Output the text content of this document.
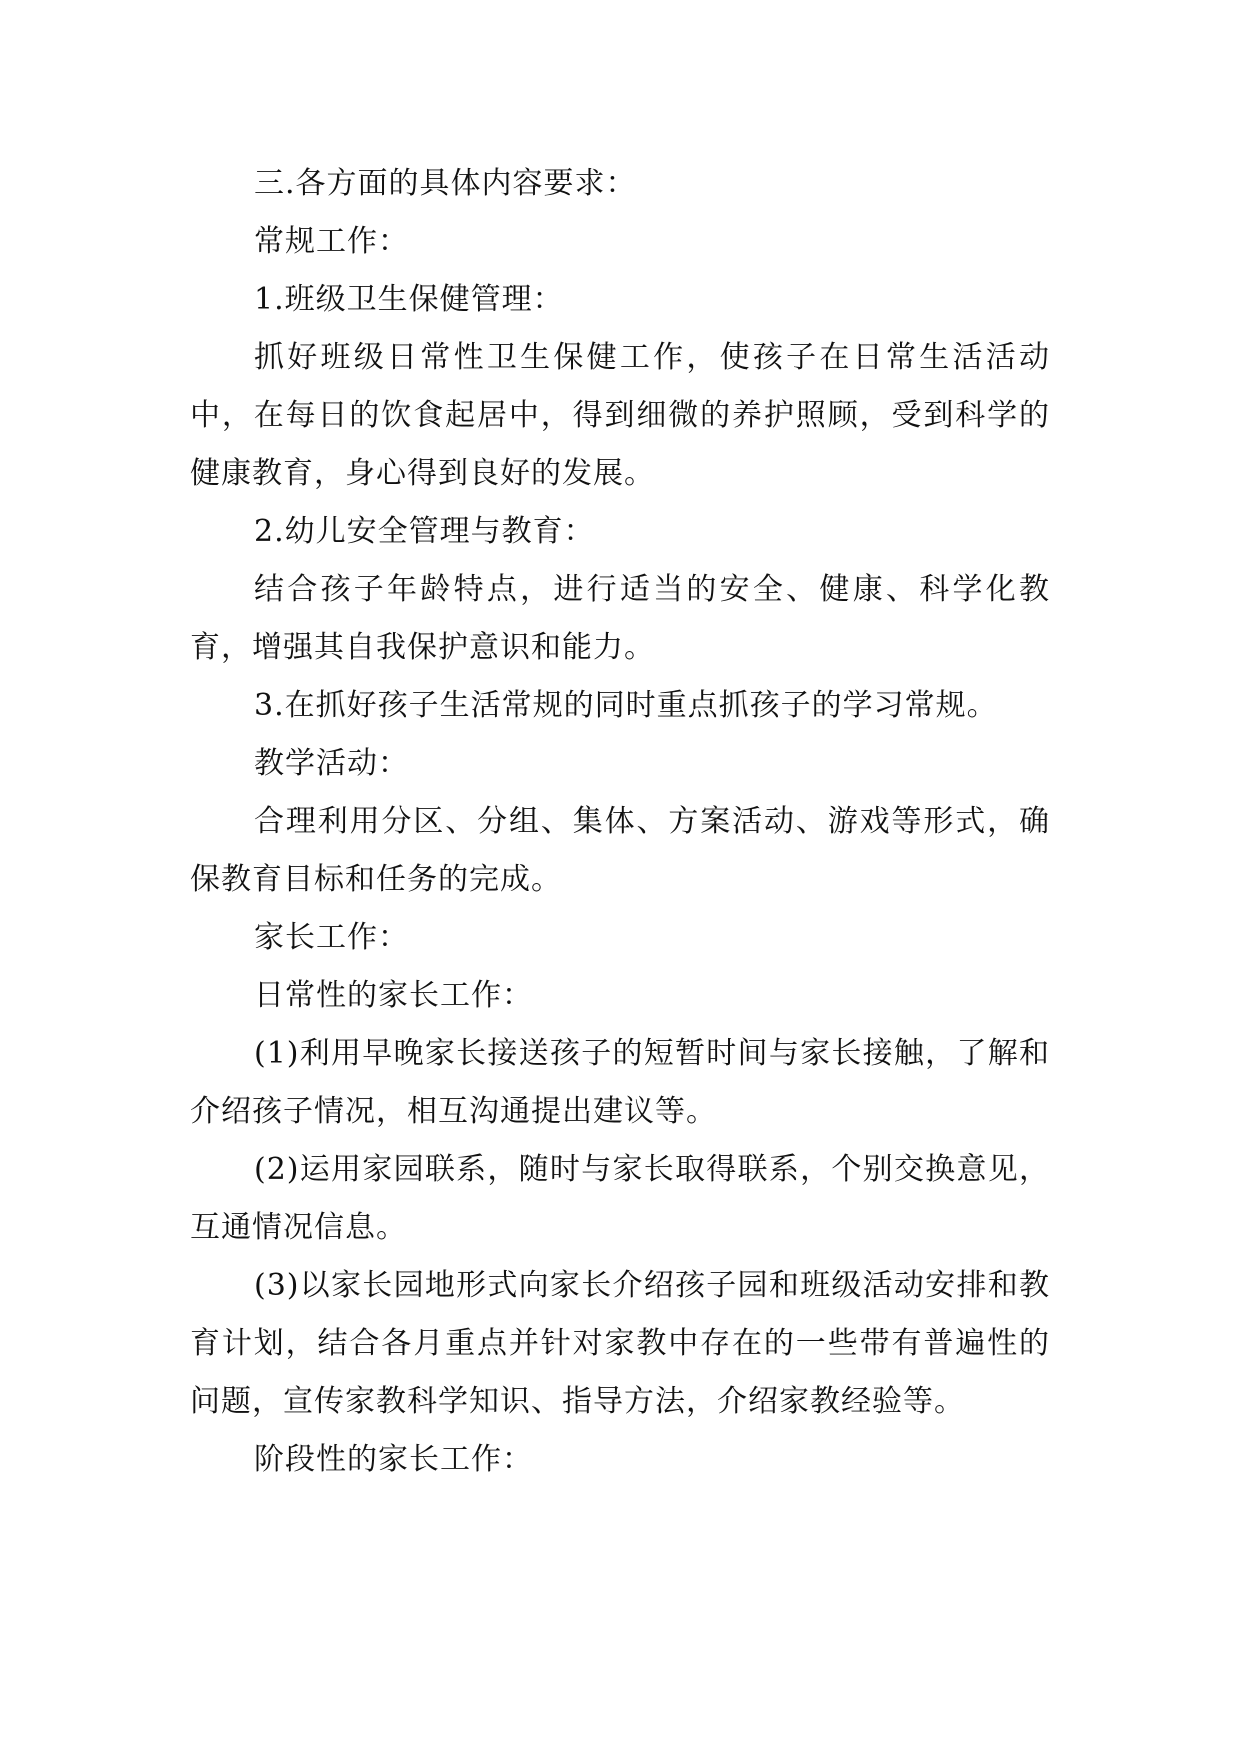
三.各方面的具体内容要求：

常规工作：

1.班级卫生保健管理：

抓好班级日常性卫生保健工作，使孩子在日常生活活动中，在每日的饮食起居中，得到细微的养护照顾，受到科学的健康教育，身心得到良好的发展。

2.幼儿安全管理与教育：

结合孩子年龄特点，进行适当的安全、健康、科学化教育，增强其自我保护意识和能力。

3.在抓好孩子生活常规的同时重点抓孩子的学习常规。

教学活动：

合理利用分区、分组、集体、方案活动、游戏等形式，确保教育目标和任务的完成。

家长工作：

日常性的家长工作：

(1)利用早晚家长接送孩子的短暂时间与家长接触，了解和介绍孩子情况，相互沟通提出建议等。

(2)运用家园联系，随时与家长取得联系，个别交换意见，互通情况信息。

(3)以家长园地形式向家长介绍孩子园和班级活动安排和教育计划，结合各月重点并针对家教中存在的一些带有普遍性的问题，宣传家教科学知识、指导方法，介绍家教经验等。

阶段性的家长工作：
